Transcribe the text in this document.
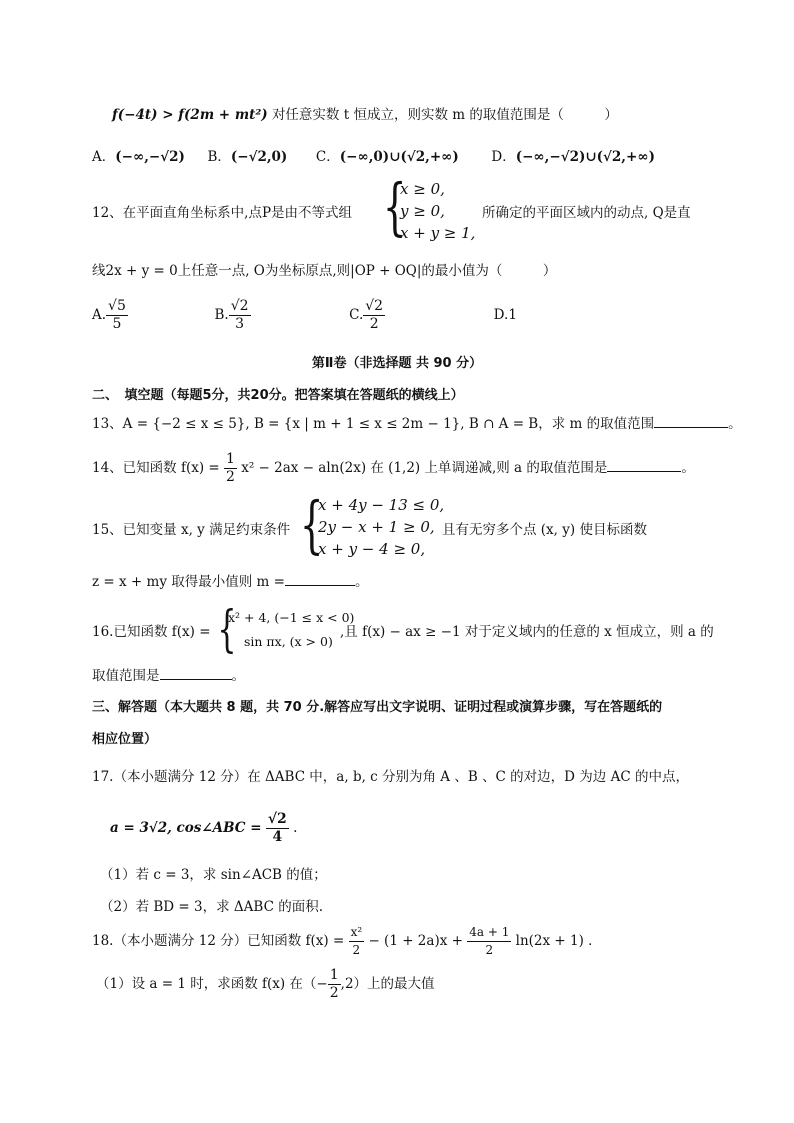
f(−4t) > f(2m + mt²) 对任意实数 t 恒成立，则实数 m 的取值范围是（　　　）
A．(−∞,−√2) B．(−√2,0) C．(−∞,0)∪(√2,+∞) D．(−∞,−√2)∪(√2,+∞)
12、在平面直角坐标系中,点P是由不等式组 {
x ≥ 0,
y ≥ 0,
x + y ≥ 1,
所确定的平面区域内的动点, Q是直
线2x + y = 0上任意一点, O为坐标原点,则|OP + OQ|的最小值为（　　　）
A. $\frac{√5}{5}$	B. $\frac{√2}{3}$	C. $\frac{√2}{2}$	D.1
第Ⅱ卷（非选择题 共 90 分）
二、　填空题（每题5分，共20分。把答案填在答题纸的横线上）
13、A = {−2 ≤ x ≤ 5}, B = {x | m + 1 ≤ x ≤ 2m − 1}, B ∩ A = B，求 m 的取值范围	。
14、已知函数 $f(x) = \frac{1}{2} x^2 - 2ax - aln(2x)$ 在 (1,2) 上单调递减,则 a 的取值范围是	。
15、已知变量 x, y 满足约束条件 {
x + 4y − 13 ≤ 0,
2y − x + 1 ≥ 0,
x + y − 4 ≥ 0,
且有无穷多个点 (x, y) 使目标函数
z = x + my 取得最小值则 m =	。
16.已知函数 f(x) = {
x² + 4, (−1 ≤ x < 0)
sin πx, (x > 0)
,且 f(x) − ax ≥ −1 对于定义域内的任意的 x 恒成立，则 a 的
取值范围是	。
三、解答题（本大题共 8 题，共 70 分.解答应写出文字说明、证明过程或演算步骤，写在答题纸的
相应位置）
17.（本小题满分 12 分）在 ΔABC 中，a, b, c 分别为角 A 、B 、C 的对边，D 为边 AC 的中点，
a = 3√2, cos∠ABC = $\frac{√2}{4}$ .
（1）若 c = 3，求 sin∠ACB 的值；
（2）若 BD = 3，求 ΔABC 的面积.
18.（本小题满分 12 分）已知函数 $f(x) = \frac{\text{x²}}{2} - (1 + 2a)x + \frac{4a + 1}{2} \ln(2x + 1)$ ．
（1）设 a = 1 时，求函数 f(x) 在（− $\frac{1}{2} ,2$）上的最大值
